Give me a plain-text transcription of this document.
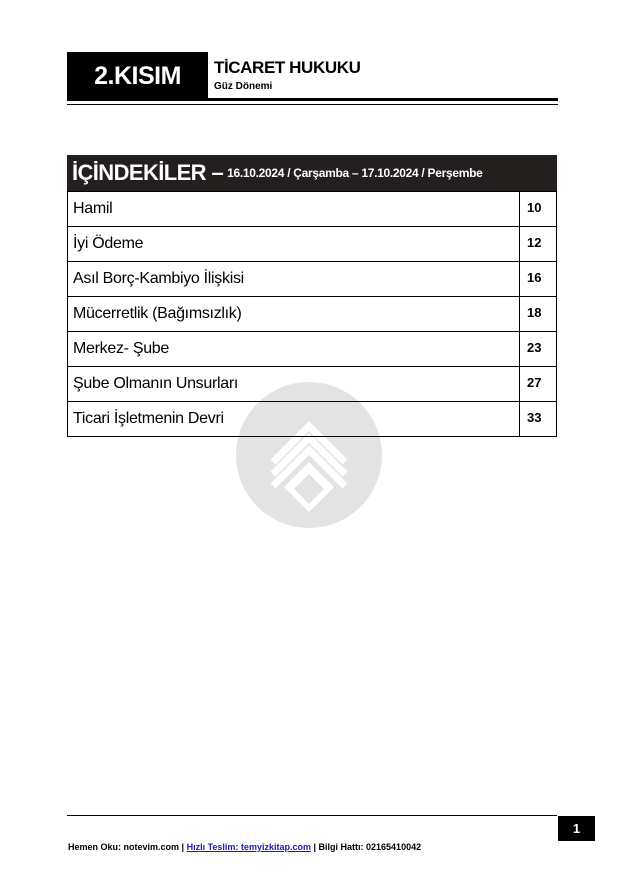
2.KISIM TİCARET HUKUKU
Güz Dönemi
İÇİNDEKİLER – 16.10.2024 / Çarşamba – 17.10.2024 / Perşembe
Hamil	10
İyi Ödeme	12
Asıl Borç-Kambiyo İlişkisi	16
Mücerretlik (Bağımsızlık)	18
Merkez- Şube	23
Şube Olmanın Unsurları	27
Ticari İşletmenin Devri	33
1
Hemen Oku: notevim.com | Hızlı Teslim: temyizkitap.com | Bilgi Hattı: 02165410042
